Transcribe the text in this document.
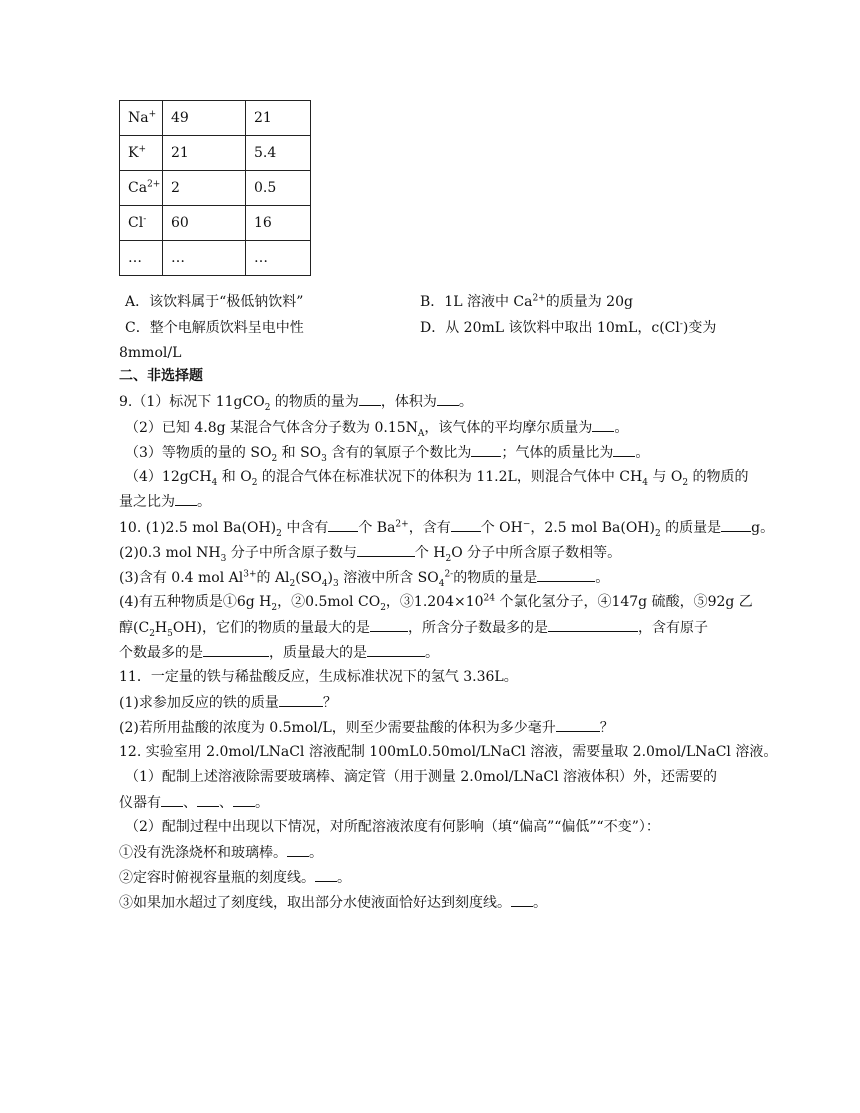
Na+	49	21
K+	21	5.4
$Ca^{2+}$	2	0.5
Cl-	60	16
…	…	…
A．该饮料属于“极低钠饮料”	B．1L 溶液中 $Ca^{2+}$的质量为 20g
C．整个电解质饮料呈电中性	D．从 20mL 该饮料中取出 10mL，c(Cl-)变为
8mmol/L
二、非选择题
9.（1）标况下 11gCO$_2$ 的物质的量为 ，体积为 。
（2）已知 4.8g 某混合气体含分子数为 $0.15N_A$，该气体的平均摩尔质量为 。
（3）等物质的量的 $SO_2$ 和 $SO_3$ 含有的氧原子个数比为 ；气体的质量比为 。
（4）12gCH$_4$ 和 $O_2$ 的混合气体在标准状况下的体积为 11.2L，则混合气体中 $CH_4$ 与 $O_2$ 的物质的
量之比为 。
10. (1)2.5 mol $Ba(OH)_2$ 中含有 个 $Ba^{2+}$，含有 个 OH−，2.5 mol $Ba(OH)_2$ 的质量是 g。
(2)0.3 mol $NH_3$ 分子中所含原子数与	个 $H_2O$ 分子中所含原子数相等。
(3)含有 0.4 mol $Al^{3+}$的 $Al_2(SO_4)_3$ 溶液中所含 $SO_4^{2-}$的物质的量是	。
(4)有五种物质是①6g $H_2$，②0.5mol $CO_2$，$③1.204\times 10^{24}$ 个氯化氢分子，④147g 硫酸，⑤92g 乙
醇$(C_2H_5OH)$，它们的物质的量最大的是	，所含分子数最多的是	，含有原子
个数最多的是	，质量最大的是	。
11．一定量的铁与稀盐酸反应，生成标准状况下的氢气 3.36L。
(1)求参加反应的铁的质量	？
(2)若所用盐酸的浓度为 0.5mol/L，则至少需要盐酸的体积为多少毫升	？
12. 实验室用 2.0mol/LNaCl 溶液配制 100mL0.50mol/LNaCl 溶液，需要量取 2.0mol/LNaCl 溶液。
（1）配制上述溶液除需要玻璃棒、滴定管（用于测量 2.0mol/LNaCl 溶液体积）外，还需要的
仪器有 、 、 。
（2）配制过程中出现以下情况，对所配溶液浓度有何影响（填“偏高”“偏低”“不变”）：
①没有洗涤烧杯和玻璃棒。 。
②定容时俯视容量瓶的刻度线。 。
③如果加水超过了刻度线，取出部分水使液面恰好达到刻度线。 。
